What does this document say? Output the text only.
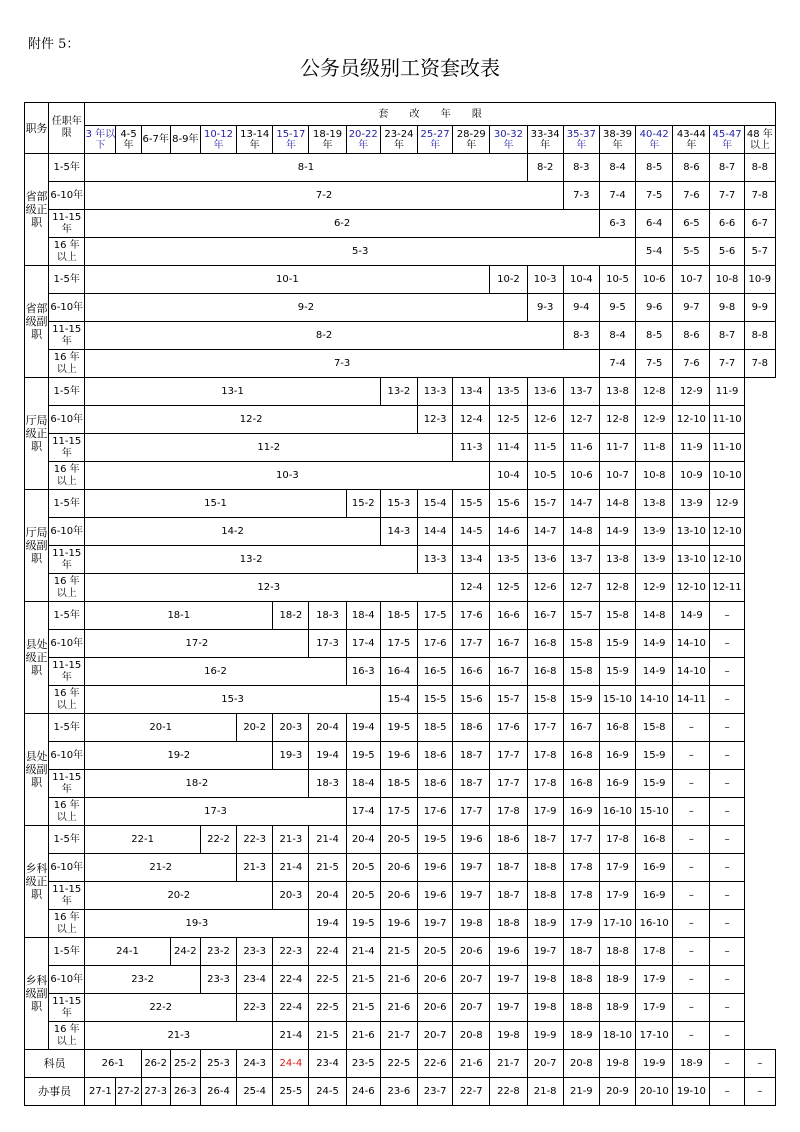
附件 5：
公务员级别工资套改表
职务	任职年限	套 改 年 限																			
		3 年以下	4-5年	6-7年	8-9年	10-12年	13-14年	15-17年	18-19年	20-22年	23-24年	25-27年	28-29年	30-32年	33-34年	35-37年	38-39年	40-42年	43-44年	45-47年	48 年以上
省部级正职	1-5年	8-1													8-2	8-3	8-4	8-5	8-6	8-7	8-8
	6-10年	7-2														7-3	7-4	7-5	7-6	7-7	7-8
	11-15年	6-2															6-3	6-4	6-5	6-6	6-7
	16 年以上	5-3																5-4	5-5	5-6	5-7
省部级副职	1-5年	10-1												10-2	10-3	10-4	10-5	10-6	10-7	10-8	10-9
	6-10年	9-2													9-3	9-4	9-5	9-6	9-7	9-8	9-9
	11-15年	8-2														8-3	8-4	8-5	8-6	8-7	8-8
	16 年以上	7-3															7-4	7-5	7-6	7-7	7-8
厅局级正职	1-5年	13-1									13-2	13-3	13-4	13-5	13-6	13-7	13-8	12-8	12-9	11-9	
	6-10年	12-2										12-3	12-4	12-5	12-6	12-7	12-8	12-9	12-10	11-10	
	11-15年	11-2											11-3	11-4	11-5	11-6	11-7	11-8	11-9	11-10	
	16 年以上	10-3												10-4	10-5	10-6	10-7	10-8	10-9	10-10	
厅局级副职	1-5年	15-1								15-2	15-3	15-4	15-5	15-6	15-7	14-7	14-8	13-8	13-9	12-9	
	6-10年	14-2									14-3	14-4	14-5	14-6	14-7	14-8	14-9	13-9	13-10	12-10	
	11-15年	13-2										13-3	13-4	13-5	13-6	13-7	13-8	13-9	13-10	12-10	
	16 年以上	12-3											12-4	12-5	12-6	12-7	12-8	12-9	12-10	12-11	
县处级正职	1-5年	18-1						18-2	18-3	18-4	18-5	17-5	17-6	16-6	16-7	15-7	15-8	14-8	14-9	–	
	6-10年	17-2							17-3	17-4	17-5	17-6	17-7	16-7	16-8	15-8	15-9	14-9	14-10	–	
	11-15年	16-2								16-3	16-4	16-5	16-6	16-7	16-8	15-8	15-9	14-9	14-10	–	
	16 年以上	15-3									15-4	15-5	15-6	15-7	15-8	15-9	15-10	14-10	14-11	–	
县处级副职	1-5年	20-1					20-2	20-3	20-4	19-4	19-5	18-5	18-6	17-6	17-7	16-7	16-8	15-8	–	–	
	6-10年	19-2						19-3	19-4	19-5	19-6	18-6	18-7	17-7	17-8	16-8	16-9	15-9	–	–	
	11-15年	18-2							18-3	18-4	18-5	18-6	18-7	17-7	17-8	16-8	16-9	15-9	–	–	
	16 年以上	17-3								17-4	17-5	17-6	17-7	17-8	17-9	16-9	16-10	15-10	–	–	
乡科级正职	1-5年	22-1				22-2	22-3	21-3	21-4	20-4	20-5	19-5	19-6	18-6	18-7	17-7	17-8	16-8	–	–	
	6-10年	21-2					21-3	21-4	21-5	20-5	20-6	19-6	19-7	18-7	18-8	17-8	17-9	16-9	–	–	
	11-15年	20-2						20-3	20-4	20-5	20-6	19-6	19-7	18-7	18-8	17-8	17-9	16-9	–	–	
	16 年以上	19-3							19-4	19-5	19-6	19-7	19-8	18-8	18-9	17-9	17-10	16-10	–	–	
乡科级副职	1-5年	24-1			24-2	23-2	23-3	22-3	22-4	21-4	21-5	20-5	20-6	19-6	19-7	18-7	18-8	17-8	–	–	
	6-10年	23-2				23-3	23-4	22-4	22-5	21-5	21-6	20-6	20-7	19-7	19-8	18-8	18-9	17-9	–	–	
	11-15年	22-2					22-3	22-4	22-5	21-5	21-6	20-6	20-7	19-7	19-8	18-8	18-9	17-9	–	–	
	16 年以上	21-3						21-4	21-5	21-6	21-7	20-7	20-8	19-8	19-9	18-9	18-10	17-10	–	–	
科员		26-1		26-2	25-2	25-3	24-3	24-4	23-4	23-5	22-5	22-6	21-6	21-7	20-7	20-8	19-8	19-9	18-9	–	–
办事员		27-1	27-2	27-3	26-3	26-4	25-4	25-5	24-5	24-6	23-6	23-7	22-7	22-8	21-8	21-9	20-9	20-10	19-10	–	–
